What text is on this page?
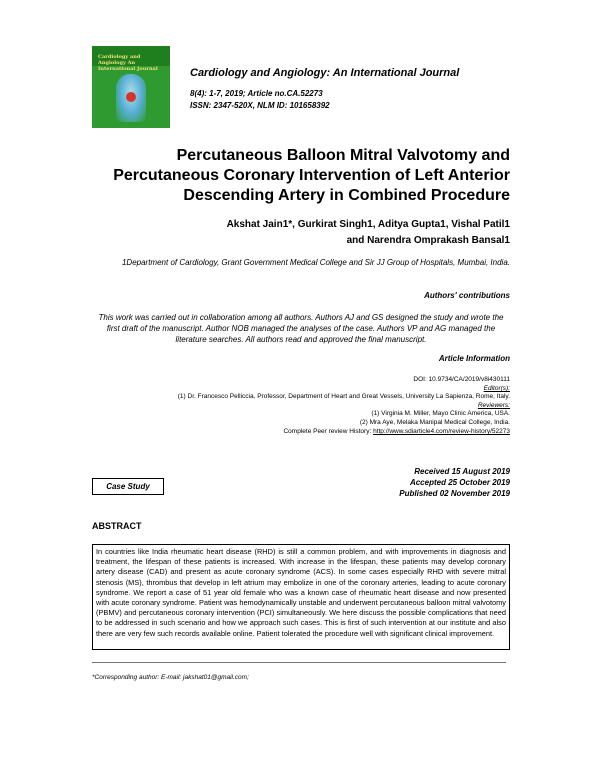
Cardiology and Angiology An International Journal	Cardiology and Angiology: An International Journal
8(4): 1-7, 2019; Article no.CA.52273
ISSN: 2347-520X, NLM ID: 101658392
Percutaneous Balloon Mitral Valvotomy and Percutaneous Coronary Intervention of Left Anterior Descending Artery in Combined Procedure
Akshat Jain1*, Gurkirat Singh1, Aditya Gupta1, Vishal Patil1
and Narendra Omprakash Bansal1
1Department of Cardiology, Grant Government Medical College and Sir JJ Group of Hospitals, Mumbai, India.
Authors' contributions
This work was carried out in collaboration among all authors. Authors AJ and GS designed the study and wrote the first draft of the manuscript. Author NOB managed the analyses of the case. Authors VP and AG managed the literature searches. All authors read and approved the final manuscript.
Article Information
DOI: 10.9734/CA/2019/v8i430111
Editor(s):
(1) Dr. Francesco Pelliccia, Professor, Department of Heart and Great Vessels, University La Sapienza, Rome, Italy.
Reviewers:
(1) Virginia M. Miller, Mayo Clinic America, USA.
(2) Mra Aye, Melaka Manipal Medical College, India.
Complete Peer review History: http://www.sdiarticle4.com/review-history/52273
Received 15 August 2019
Accepted 25 October 2019
Published 02 November 2019
Case Study
ABSTRACT
In countries like India rheumatic heart disease (RHD) is still a common problem, and with improvements in diagnosis and treatment, the lifespan of these patients is increased. With increase in the lifespan, these patients may develop coronary artery disease (CAD) and present as acute coronary syndrome (ACS). In some cases especially RHD with severe mitral stenosis (MS), thrombus that develop in left atrium may embolize in one of the coronary arteries, leading to acute coronary syndrome. We report a case of 51 year old female who was a known case of rheumatic heart disease and now presented with acute coronary syndrome. Patient was hemodynamically unstable and underwent percutaneous balloon mitral valvotomy (PBMV) and percutaneous coronary intervention (PCI) simultaneously. We here discuss the possible complications that need to be addressed in such scenario and how we approach such cases. This is first of such intervention at our institute and also there are very few such records available online. Patient tolerated the procedure well with significant clinical improvement.
*Corresponding author: E-mail: jakshat01@gmail.com;
